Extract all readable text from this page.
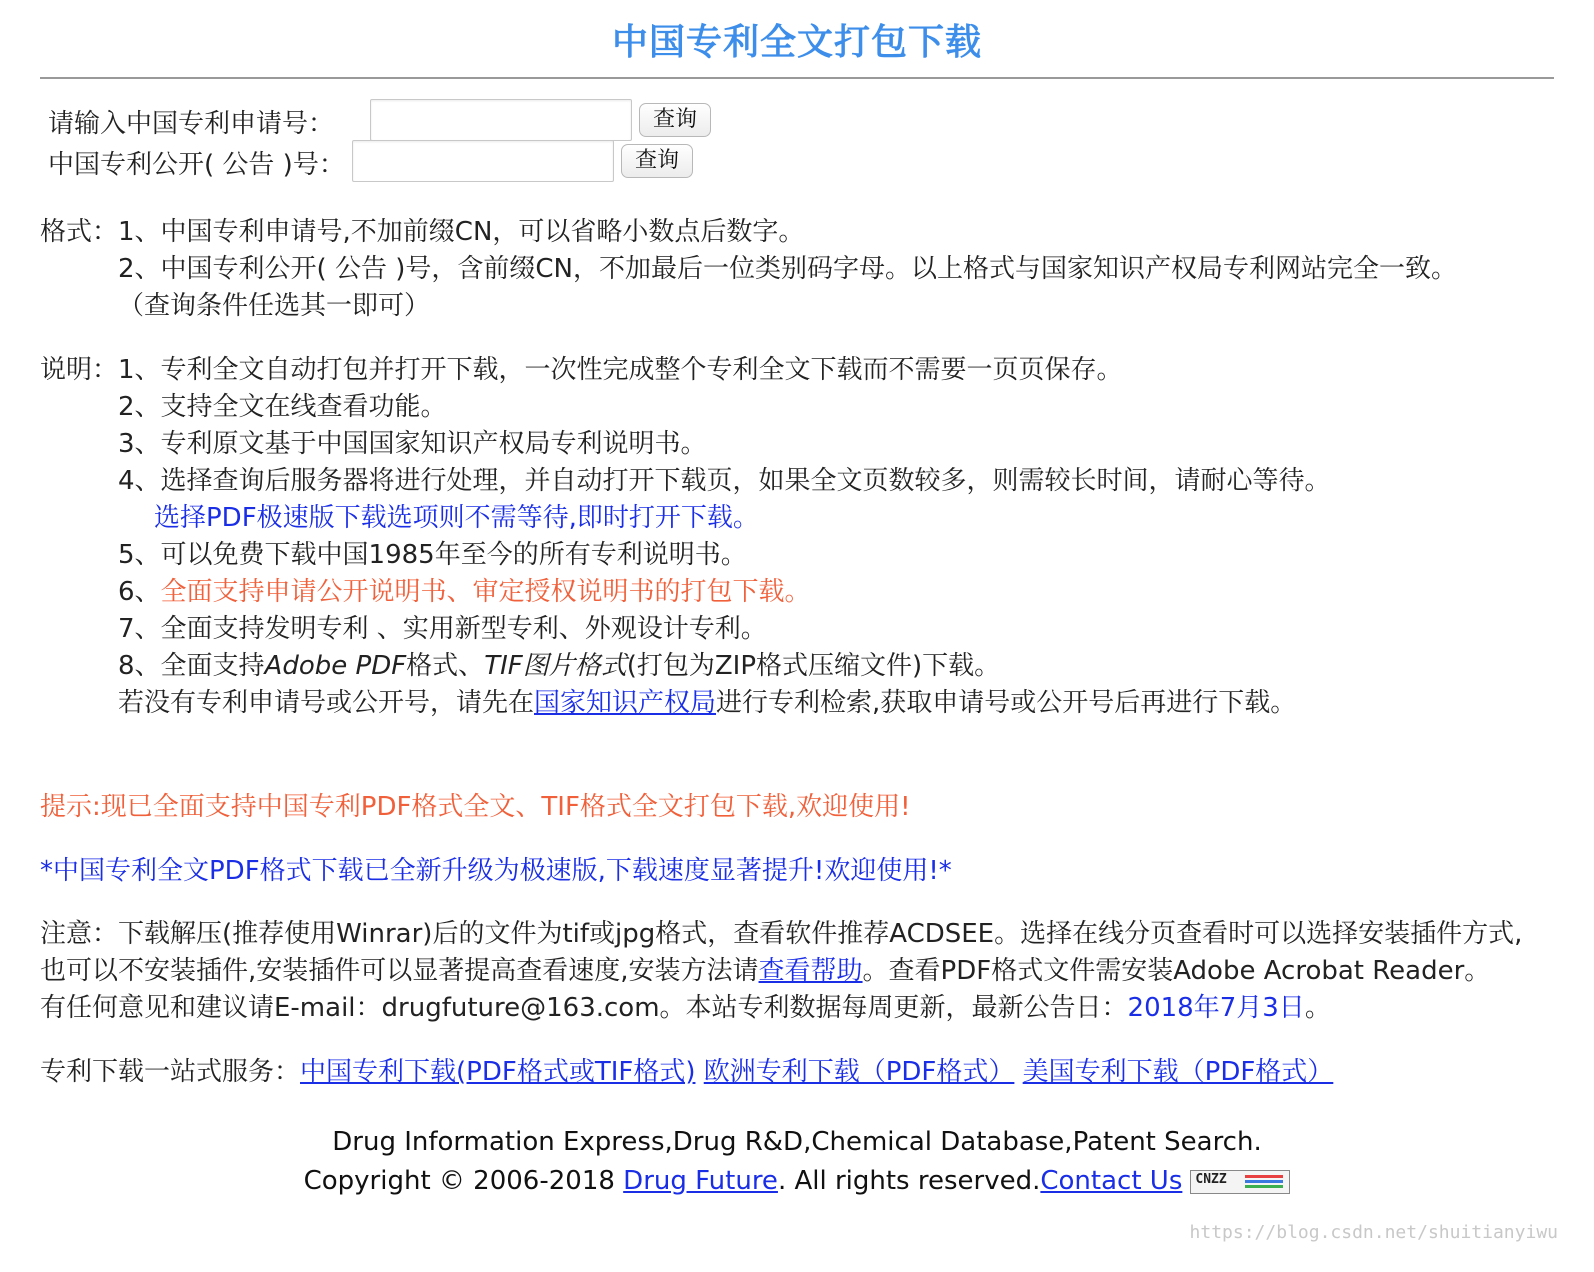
中国专利全文打包下载
请输入中国专利申请号：	查询
中国专利公开( 公告 )号：	查询
格式： 1、中国专利申请号,不加前缀CN，可以省略小数点后数字。
2、中国专利公开( 公告 )号，含前缀CN，不加最后一位类别码字母。以上格式与国家知识产权局专利网站完全一致。
（查询条件任选其一即可）
说明： 1、专利全文自动打包并打开下载，一次性完成整个专利全文下载而不需要一页页保存。
2、支持全文在线查看功能。
3、专利原文基于中国国家知识产权局专利说明书。
4、选择查询后服务器将进行处理，并自动打开下载页，如果全文页数较多，则需较长时间，请耐心等待。
选择PDF极速版下载选项则不需等待,即时打开下载。
5、可以免费下载中国1985年至今的所有专利说明书。
6、全面支持申请公开说明书、审定授权说明书的打包下载。
7、全面支持发明专利 、实用新型专利、外观设计专利。
8、全面支持Adobe PDF格式、TIF图片格式(打包为ZIP格式压缩文件)下载。
若没有专利申请号或公开号，请先在国家知识产权局进行专利检索,获取申请号或公开号后再进行下载。
提示:现已全面支持中国专利PDF格式全文、TIF格式全文打包下载,欢迎使用!
*中国专利全文PDF格式下载已全新升级为极速版,下载速度显著提升!欢迎使用!*
注意：下载解压(推荐使用Winrar)后的文件为tif或jpg格式，查看软件推荐ACDSEE。选择在线分页查看时可以选择安装插件方式,
也可以不安装插件,安装插件可以显著提高查看速度,安装方法请查看帮助。查看PDF格式文件需安装Adobe Acrobat Reader。
有任何意见和建议请E-mail：drugfuture@163.com。本站专利数据每周更新，最新公告日：2018年7月3日。
专利下载一站式服务：中国专利下载(PDF格式或TIF格式) 欧洲专利下载（PDF格式） 美国专利下载（PDF格式）
Drug Information Express,Drug R&D,Chemical Database,Patent Search.
Copyright © 2006-2018 Drug Future. All rights reserved.Contact Us CNZZ
https://blog.csdn.net/shuitianyiwu
